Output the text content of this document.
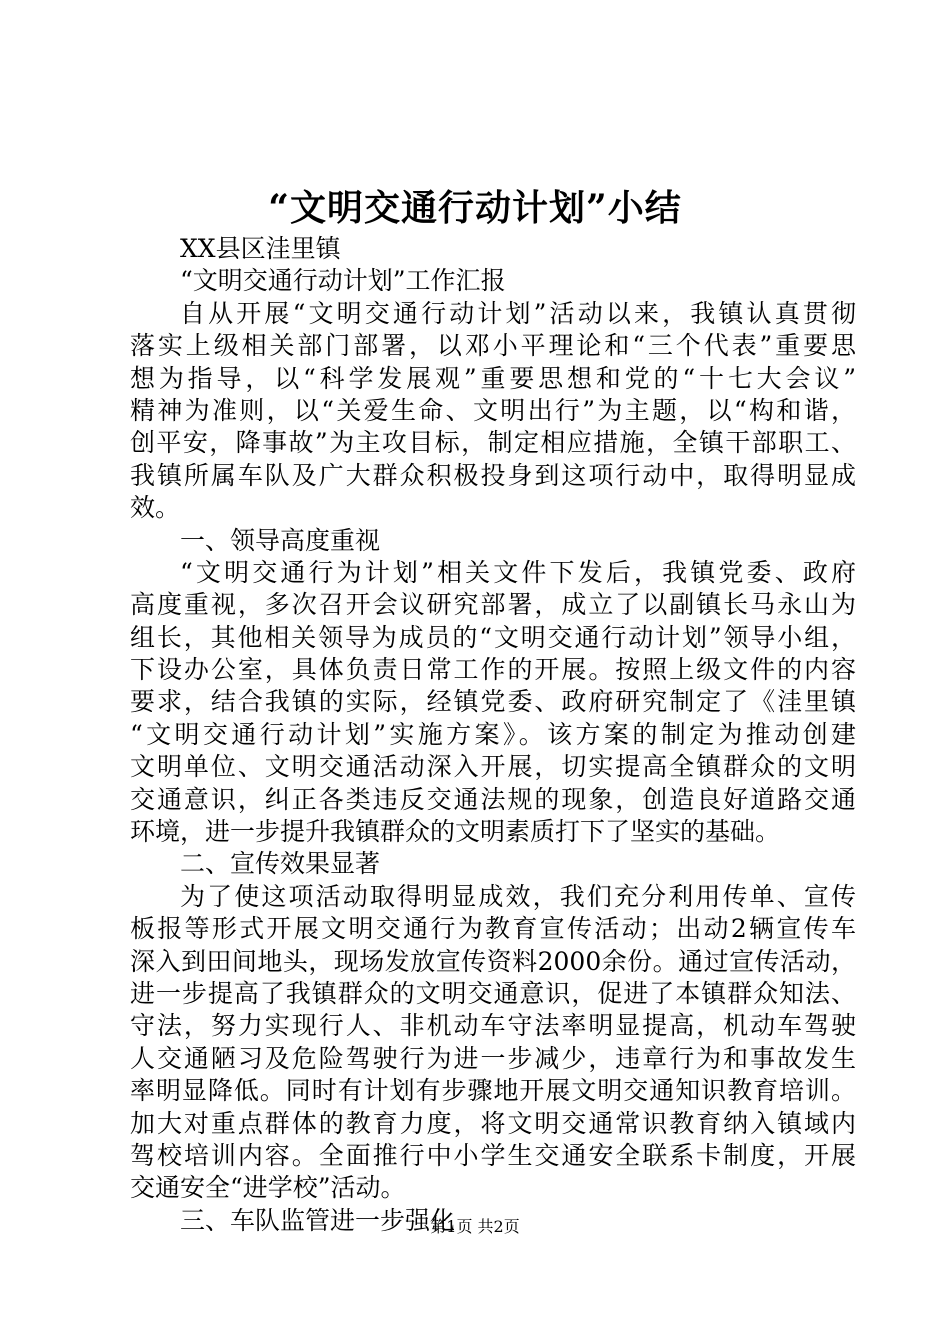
“文明交通行动计划”小结
XX县区洼里镇
“文明交通行动计划”工作汇报
自从开展“文明交通行动计划”活动以来，我镇认真贯彻
落实上级相关部门部署，以邓小平理论和“三个代表”重要思
想为指导，以“科学发展观”重要思想和党的“十七大会议”
精神为准则，以“关爱生命、文明出行”为主题，以“构和谐，
创平安，降事故”为主攻目标，制定相应措施，全镇干部职工、
我镇所属车队及广大群众积极投身到这项行动中，取得明显成
效。
一、领导高度重视
“文明交通行为计划”相关文件下发后，我镇党委、政府
高度重视，多次召开会议研究部署，成立了以副镇长马永山为
组长，其他相关领导为成员的“文明交通行动计划”领导小组，
下设办公室，具体负责日常工作的开展。按照上级文件的内容
要求，结合我镇的实际，经镇党委、政府研究制定了《洼里镇
“文明交通行动计划”实施方案》。该方案的制定为推动创建
文明单位、文明交通活动深入开展，切实提高全镇群众的文明
交通意识，纠正各类违反交通法规的现象，创造良好道路交通
环境，进一步提升我镇群众的文明素质打下了坚实的基础。
二、宣传效果显著
为了使这项活动取得明显成效，我们充分利用传单、宣传
板报等形式开展文明交通行为教育宣传活动；出动2辆宣传车
深入到田间地头，现场发放宣传资料2000余份。通过宣传活动，
进一步提高了我镇群众的文明交通意识，促进了本镇群众知法、
守法，努力实现行人、非机动车守法率明显提高，机动车驾驶
人交通陋习及危险驾驶行为进一步减少，违章行为和事故发生
率明显降低。同时有计划有步骤地开展文明交通知识教育培训。
加大对重点群体的教育力度，将文明交通常识教育纳入镇域内
驾校培训内容。全面推行中小学生交通安全联系卡制度，开展
交通安全“进学校”活动。
三、车队监管进一步强化
第1页 共2页
